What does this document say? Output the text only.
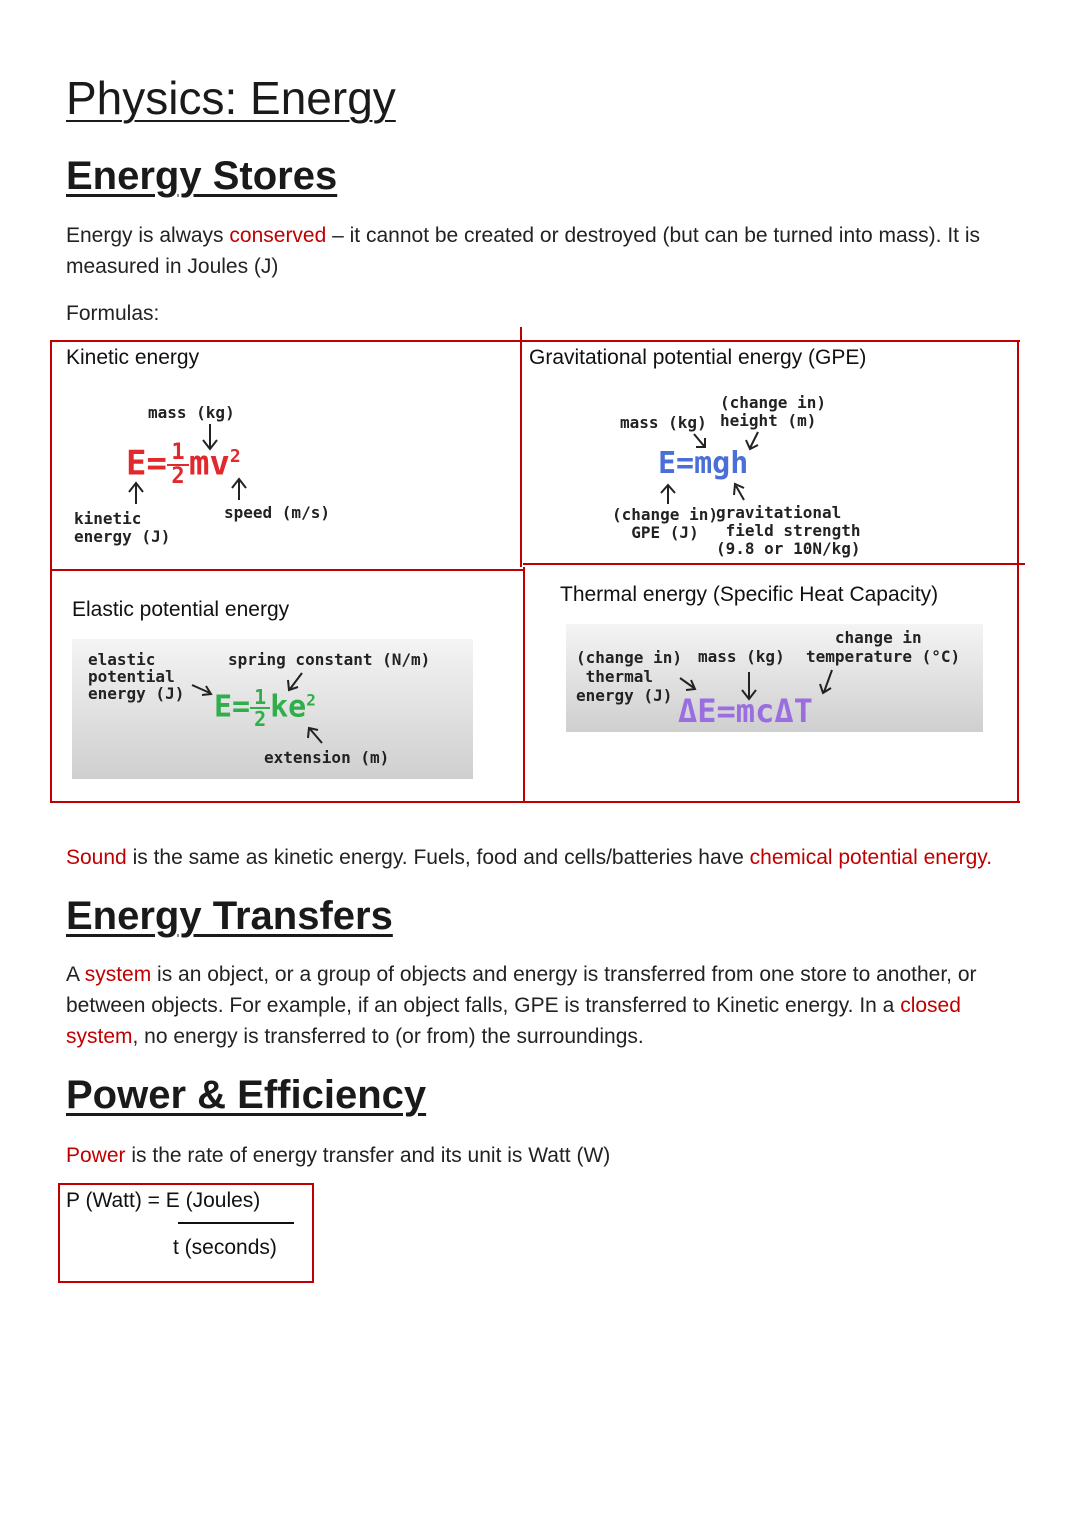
Physics: Energy
Energy Stores

Energy is always conserved – it cannot be created or destroyed (but can be turned into mass). It is measured in Joules (J)

Formulas:

Kinetic energy
mass (kg)
$E= \frac{1}{2} mv^2$
kinetic
energy (J)
speed (m/s)
Gravitational potential energy (GPE)
mass (kg)
(change in)
height (m)
E=mgh
(change in)
GPE (J)
gravitational
field strength
(9.8 or 10N/kg)
Elastic potential energy
elastic
potential
energy (J)
spring constant (N/m)
$E= \frac{1}{2} ke^2$
extension (m)
Thermal energy (Specific Heat Capacity)
(change in)
thermal
energy (J)
mass (kg)
change in
temperature (°C)
ΔE=mcΔT

Sound is the same as kinetic energy. Fuels, food and cells/batteries have chemical potential energy.

Energy Transfers

A system is an object, or a group of objects and energy is transferred from one store to another, or between objects. For example, if an object falls, GPE is transferred to Kinetic energy. In a closed system, no energy is transferred to (or from) the surroundings.

Power & Efficiency

Power is the rate of energy transfer and its unit is Watt (W)

P (Watt) = E (Joules)
t (seconds)
